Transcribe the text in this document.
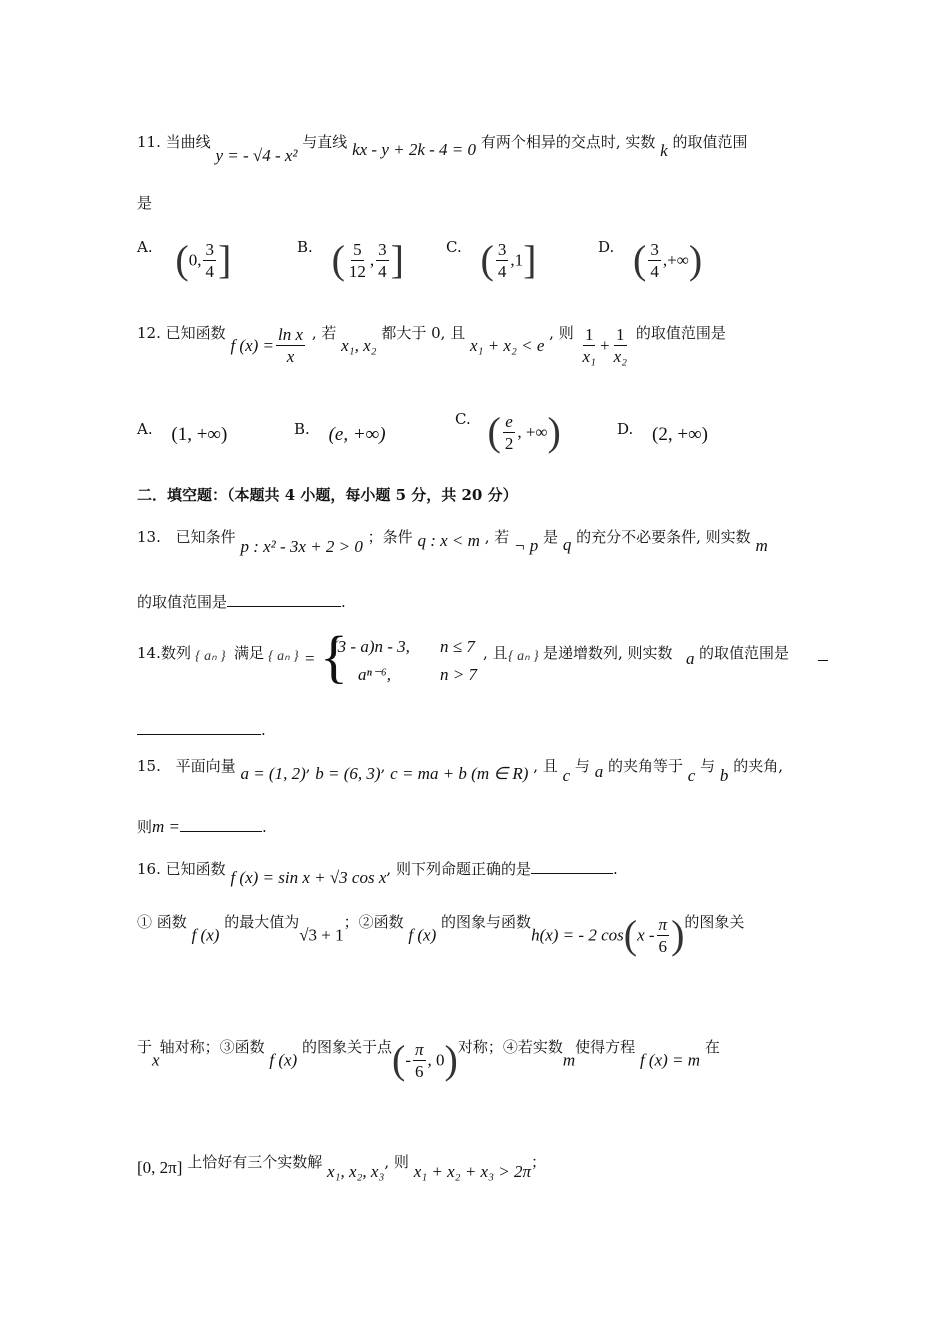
11. 当曲线 y = - √4 - x² 与直线 kx - y + 2k - 4 = 0 有两个相异的交点时, 实数 k 的取值范围
是
A. (0, $\frac{3}{4}$ ]	B. ( $\frac{5}{12}$ , $\frac{3}{4}$ ]	C. ( $\frac{3}{4} ,1$]	D. ( $\frac{3}{4}$ ,+∞)
12. 已知函数 f $(x) = \frac{\text{ln x}}{x}$ , 若 x₁, x₂ 都大于 0, 且 x₁ + x₂ < e , 则 $\frac{1}{\text{x₁}} + \frac{1}{\text{x₂}}$ 的取值范围是
A. (1, +∞)	B. (e, +∞)
C. ( $\frac{e}{2}$ , +∞)	D. (2, +∞)
二．填空题：（本题共 4 小题，每小题 5 分，共 20 分）
13. 已知条件 p : x² - 3x + 2 > 0 ；条件 q : x < m , 若 ¬ p 是 q 的充分不必要条件, 则实数 m
的取值范围是	.
14. 数列 { aₙ } 满足 { aₙ } = {
(3 - a)n - 3, n ≤ 7
aⁿ⁻⁶,	n > 7
, 且 { aₙ } 是递增数列, 则实数 a 的取值范围是
.
15. 平面向量 a = (1, 2), b = (6, 3), c = ma + b (m ∈ R) , 且 c 与 a 的夹角等于 c 与 b 的夹角,
则m =	.
16. 已知函数 f (x) = sin x + √3 cos x, 则下列命题正确的是	.
① 函数 f (x) 的最大值为√3 + 1；②函数 f (x) 的图象与函数h(x) = - 2 $\cos(x - \frac{\pi}{6}$ )的图象关
于x轴对称；③函数 f (x) 的图象关于点(- $\frac{\pi}{6}$ , 0)对称；④若实数m使得方程 f (x) = m 在
[0, 2π] 上恰好有三个实数解 x₁, x₂, x₃, 则 x₁ + x₂ + x₃ > 2π；
